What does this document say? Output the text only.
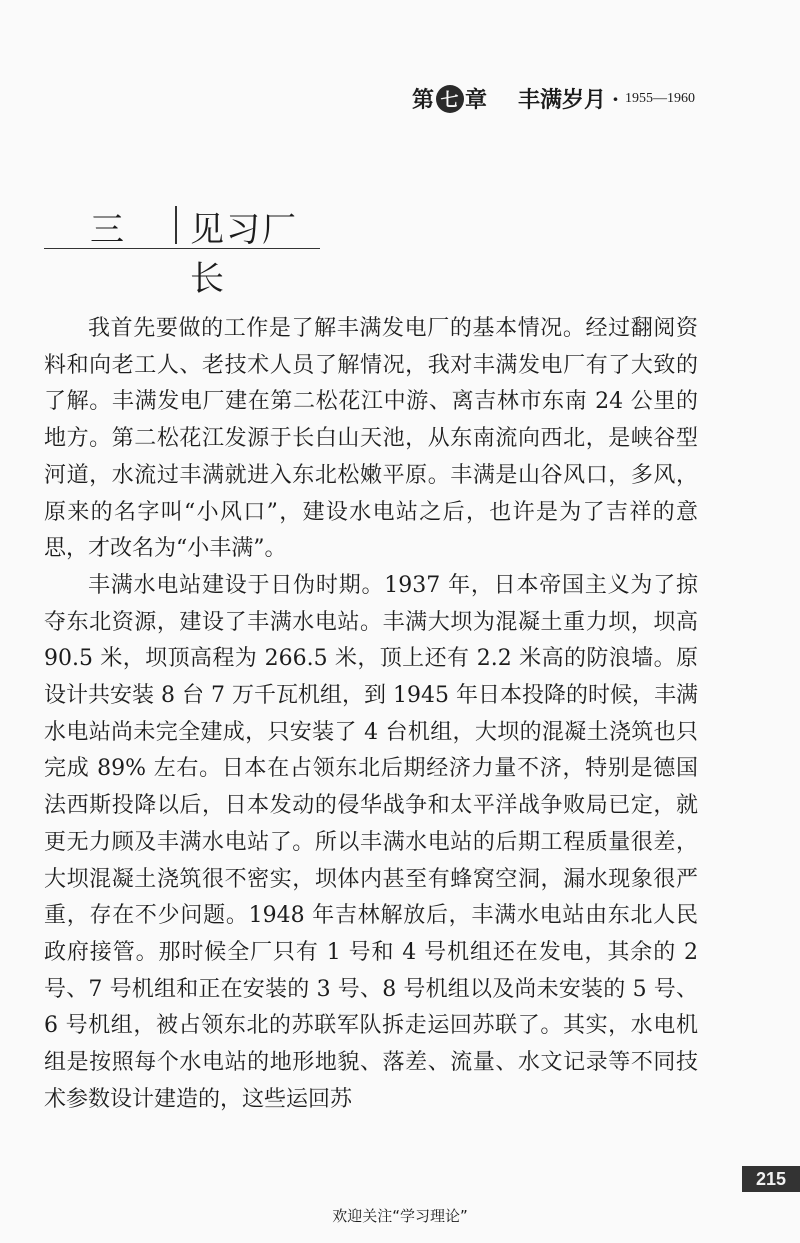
第 七 章 丰满岁月 · 1955—1960
三 见习厂长

我首先要做的工作是了解丰满发电厂的基本情况。经过翻阅资料和向老工人、老技术人员了解情况，我对丰满发电厂有了大致的了解。丰满发电厂建在第二松花江中游、离吉林市东南 24 公里的地方。第二松花江发源于长白山天池，从东南流向西北，是峡谷型河道，水流过丰满就进入东北松嫩平原。丰满是山谷风口，多风，原来的名字叫“小风口”，建设水电站之后，也许是为了吉祥的意思，才改名为“小丰满”。

丰满水电站建设于日伪时期。1937 年，日本帝国主义为了掠夺东北资源，建设了丰满水电站。丰满大坝为混凝土重力坝，坝高 90.5 米，坝顶高程为 266.5 米，顶上还有 2.2 米高的防浪墙。原设计共安装 8 台 7 万千瓦机组，到 1945 年日本投降的时候，丰满水电站尚未完全建成，只安装了 4 台机组，大坝的混凝土浇筑也只完成 89% 左右。日本在占领东北后期经济力量不济，特别是德国法西斯投降以后，日本发动的侵华战争和太平洋战争败局已定，就更无力顾及丰满水电站了。所以丰满水电站的后期工程质量很差，大坝混凝土浇筑很不密实，坝体内甚至有蜂窝空洞，漏水现象很严重，存在不少问题。1948 年吉林解放后，丰满水电站由东北人民政府接管。那时候全厂只有 1 号和 4 号机组还在发电，其余的 2 号、7 号机组和正在安装的 3 号、8 号机组以及尚未安装的 5 号、6 号机组，被占领东北的苏联军队拆走运回苏联了。其实，水电机组是按照每个水电站的地形地貌、落差、流量、水文记录等不同技术参数设计建造的，这些运回苏

215
欢迎关注“学习理论”
